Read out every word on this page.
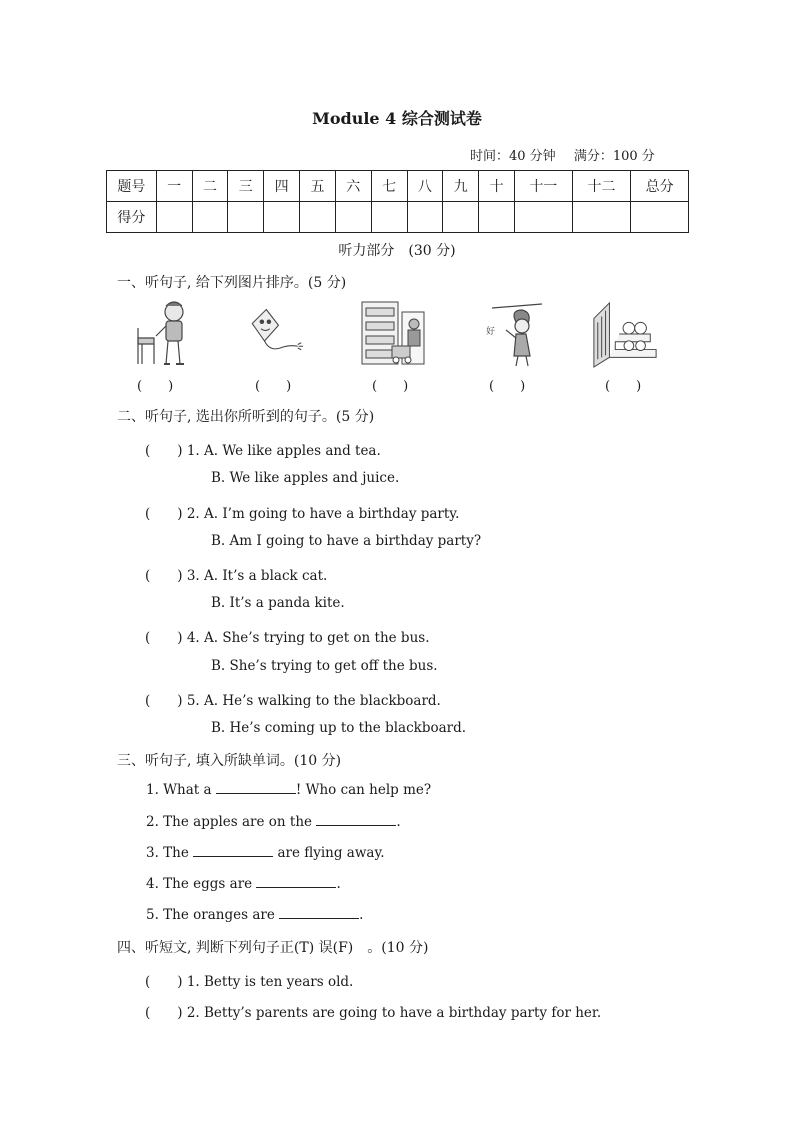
Module 4 综合测试卷
时间：40 分钟 满分：100 分
题号	一	二	三	四	五	六	七	八	九	十	十一	十二	总分
得分													
听力部分　(30 分)
一、听句子, 给下列图片排序。(5 分)
好
(　　)	(　　)	(　　)	(　　)	(　　)
二、听句子, 选出你所听到的句子。(5 分)
(　　) 1. A. We like apples and tea.
B. We like apples and juice.
(　　) 2. A. I’m going to have a birthday party.
B. Am I going to have a birthday party?
(　　) 3. A. It’s a black cat.
B. It’s a panda kite.
(　　) 4. A. She’s trying to get on the bus.
B. She’s trying to get off the bus.
(　　) 5. A. He’s walking to the blackboard.
B. He’s coming up to the blackboard.
三、听句子, 填入所缺单词。(10 分)
1. What a	! Who can help me?
2. The apples are on the	.
3. The	are flying away.
4. The eggs are	.
5. The oranges are	.
四、听短文, 判断下列句子正(T) 误(F)　。(10 分)
(　　) 1. Betty is ten years old.
(　　) 2. Betty’s parents are going to have a birthday party for her.
